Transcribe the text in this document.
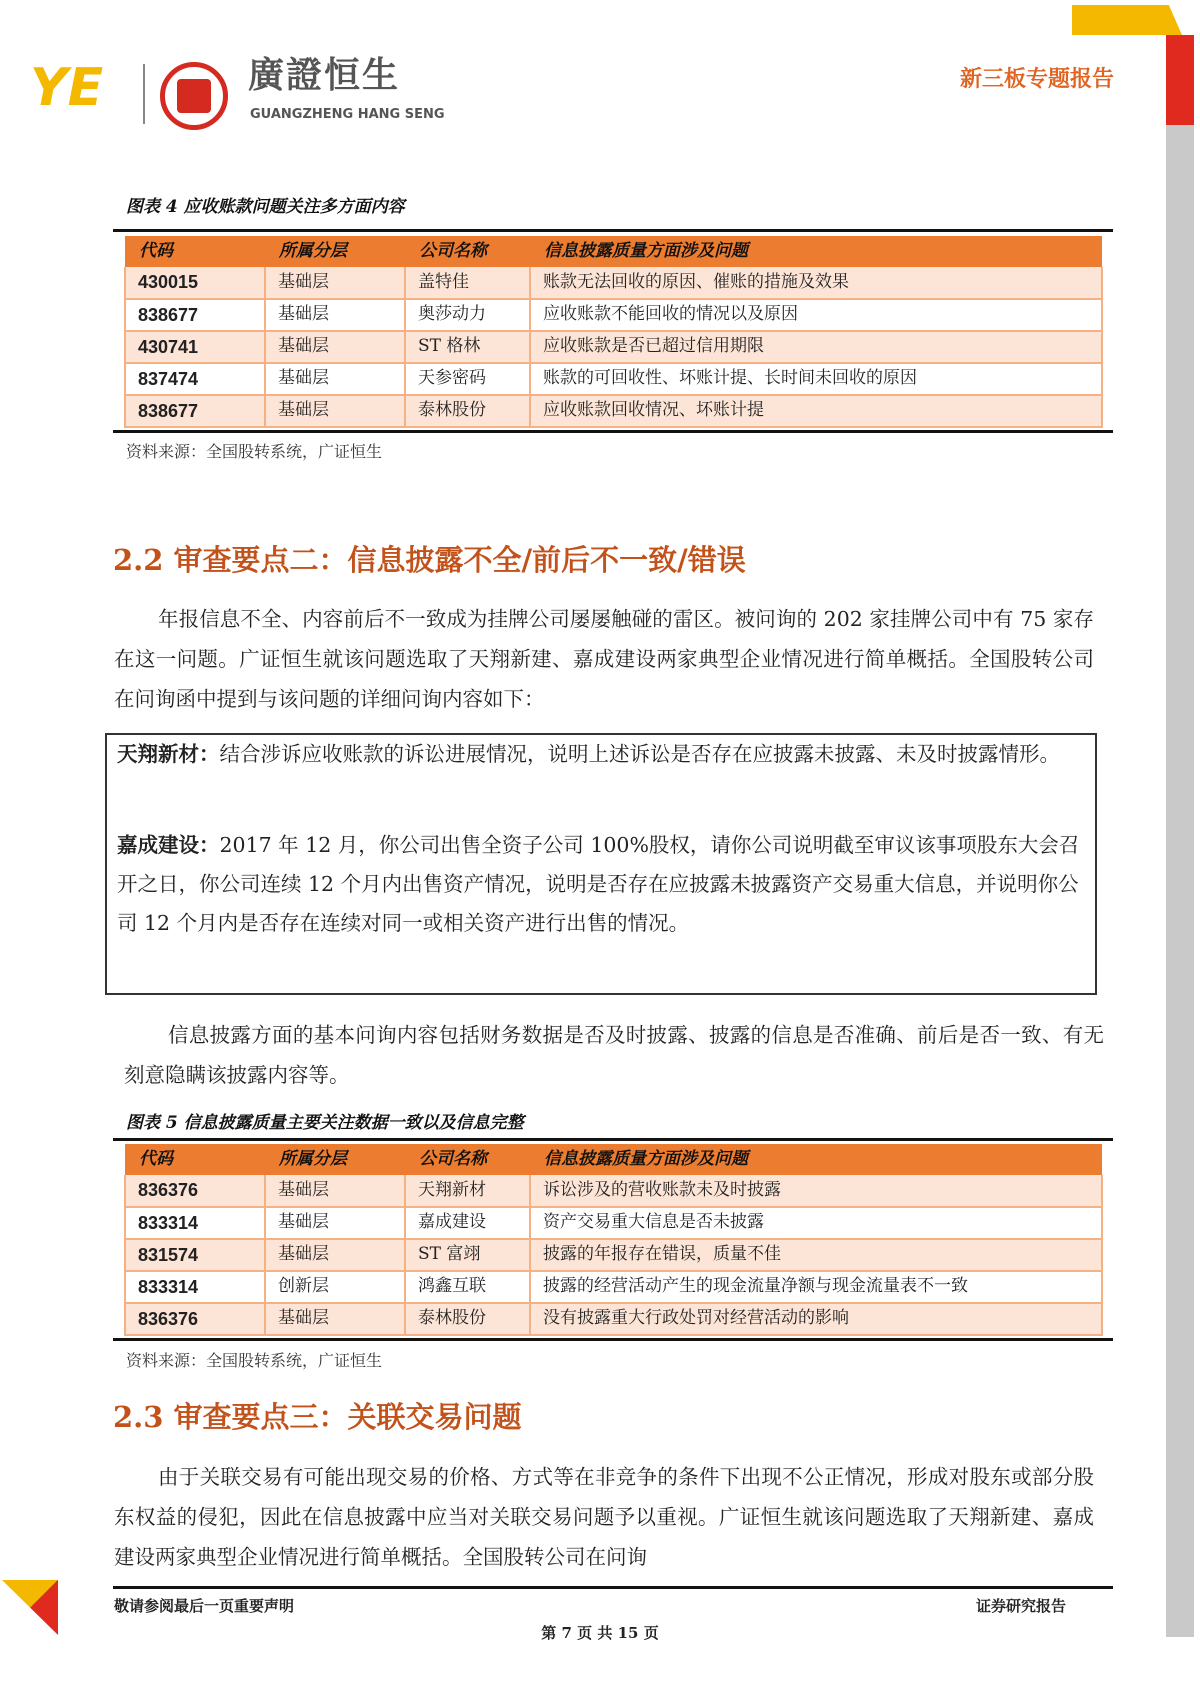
YE	廣證恒生
GUANGZHENG HANG SENG
新三板专题报告
图表 4 应收账款问题关注多方面内容
代码	所属分层	公司名称	信息披露质量方面涉及问题
430015	基础层	盖特佳	账款无法回收的原因、催账的措施及效果
838677	基础层	奥莎动力	应收账款不能回收的情况以及原因
430741	基础层	ST 格林	应收账款是否已超过信用期限
837474	基础层	天参密码	账款的可回收性、坏账计提、长时间未回收的原因
838677	基础层	泰林股份	应收账款回收情况、坏账计提
资料来源：全国股转系统，广证恒生
2.2 审查要点二：信息披露不全/前后不一致/错误
年报信息不全、内容前后不一致成为挂牌公司屡屡触碰的雷区。被问询的 202 家挂牌公司中有 75 家存在这一问题。广证恒生就该问题选取了天翔新建、嘉成建设两家典型企业情况进行简单概括。全国股转公司在问询函中提到与该问题的详细问询内容如下：
天翔新材：结合涉诉应收账款的诉讼进展情况，说明上述诉讼是否存在应披露未披露、未及时披露情形。
嘉成建设：2017 年 12 月，你公司出售全资子公司 100%股权，请你公司说明截至审议该事项股东大会召开之日，你公司连续 12 个月内出售资产情况，说明是否存在应披露未披露资产交易重大信息，并说明你公司 12 个月内是否存在连续对同一或相关资产进行出售的情况。
信息披露方面的基本问询内容包括财务数据是否及时披露、披露的信息是否准确、前后是否一致、有无刻意隐瞒该披露内容等。
图表 5 信息披露质量主要关注数据一致以及信息完整
代码	所属分层	公司名称	信息披露质量方面涉及问题
836376	基础层	天翔新材	诉讼涉及的营收账款未及时披露
833314	基础层	嘉成建设	资产交易重大信息是否未披露
831574	基础层	ST 富翊	披露的年报存在错误，质量不佳
833314	创新层	鸿鑫互联	披露的经营活动产生的现金流量净额与现金流量表不一致
836376	基础层	泰林股份	没有披露重大行政处罚对经营活动的影响
资料来源：全国股转系统，广证恒生
2.3 审查要点三：关联交易问题
由于关联交易有可能出现交易的价格、方式等在非竞争的条件下出现不公正情况，形成对股东或部分股东权益的侵犯，因此在信息披露中应当对关联交易问题予以重视。广证恒生就该问题选取了天翔新建、嘉成建设两家典型企业情况进行简单概括。全国股转公司在问询
敬请参阅最后一页重要声明	证券研究报告
第 7 页 共 15 页
